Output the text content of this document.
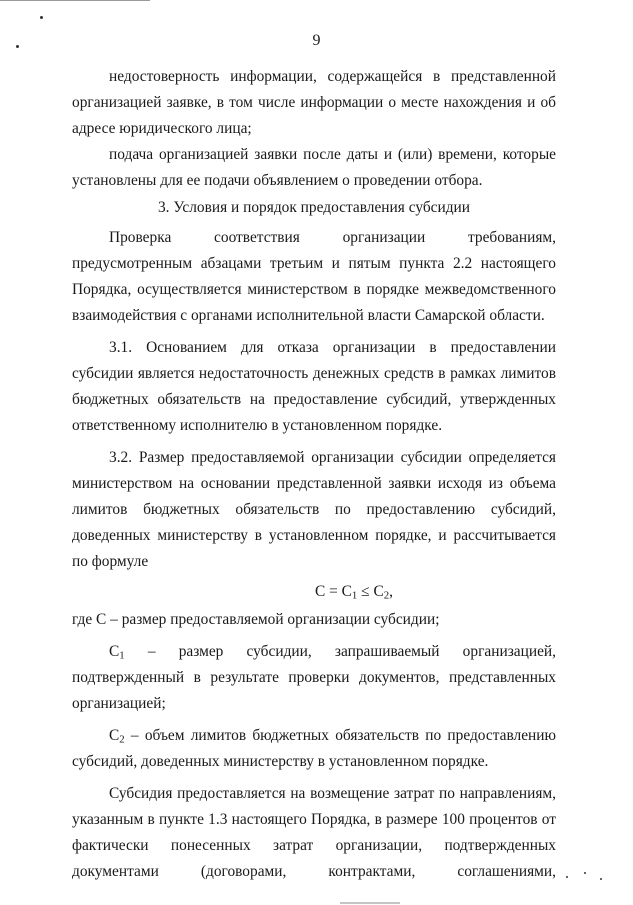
9

недостоверность информации, содержащейся в представленной организацией заявке, в том числе информации о месте нахождения и об адресе юридического лица;

подача организацией заявки после даты и (или) времени, которые установлены для ее подачи объявлением о проведении отбора.

3. Условия и порядок предоставления субсидии

Проверка соответствия организации требованиям, предусмотренным абзацами третьим и пятым пункта 2.2 настоящего Порядка, осуществляется министерством в порядке межведомственного взаимодействия с органами исполнительной власти Самарской области.

3.1. Основанием для отказа организации в предоставлении субсидии является недостаточность денежных средств в рамках лимитов бюджетных обязательств на предоставление субсидий, утвержденных ответственному исполнителю в установленном порядке.

3.2. Размер предоставляемой организации субсидии определяется министерством на основании представленной заявки исходя из объема лимитов бюджетных обязательств по предоставлению субсидий, доведенных министерству в установленном порядке, и рассчитывается по формуле

$C = C_1 \le C_2$,

где C – размер предоставляемой организации субсидии;

$C_1$ – размер субсидии, запрашиваемый организацией, подтвержденный в результате проверки документов, представленных организацией;

$C_2$ – объем лимитов бюджетных обязательств по предоставлению субсидий, доведенных министерству в установленном порядке.

Субсидия предоставляется на возмещение затрат по направлениям, указанным в пункте 1.3 настоящего Порядка, в размере 100 процентов от фактически понесенных затрат организации, подтвержденных документами (договорами, контрактами, соглашениями,
